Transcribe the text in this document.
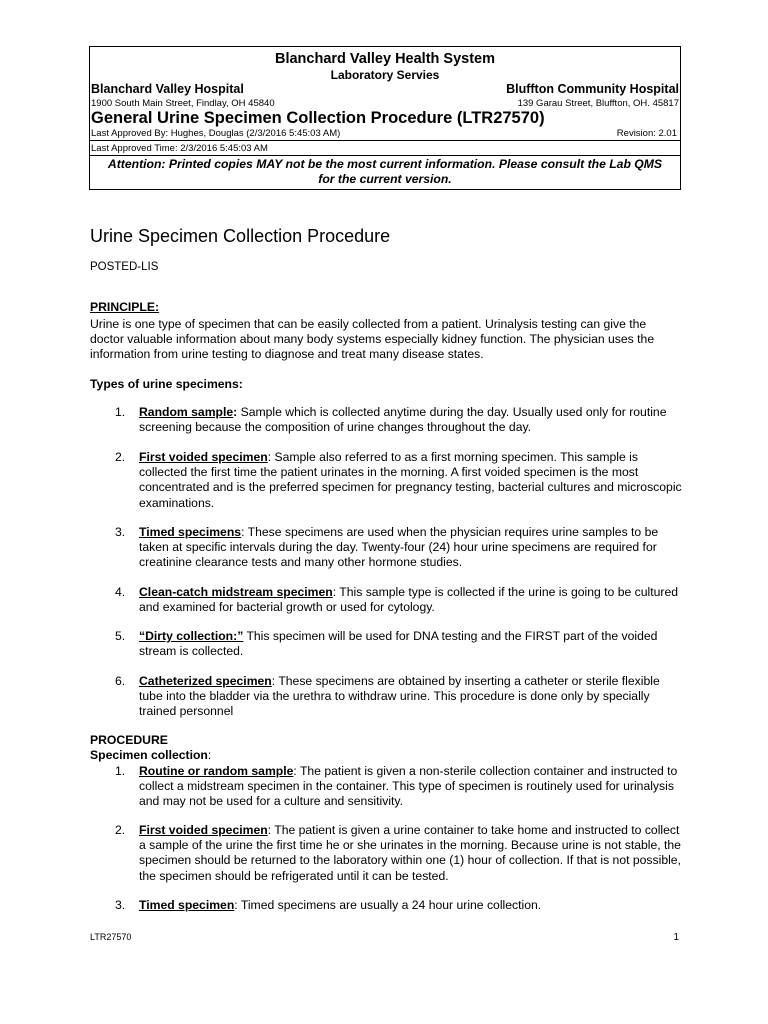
Blanchard Valley Health System
Laboratory Servies
Blanchard Valley Hospital	Bluffton Community Hospital
1900 South Main Street, Findlay, OH 45840	139 Garau Street, Bluffton, OH. 45817
General Urine Specimen Collection Procedure (LTR27570)
Last Approved By: Hughes, Douglas (2/3/2016 5:45:03 AM)	Revision: 2.01
Last Approved Time: 2/3/2016 5:45:03 AM
Attention: Printed copies MAY not be the most current information. Please consult the Lab QMS for the current version.
Urine Specimen Collection Procedure
POSTED-LIS
PRINCIPLE:
Urine is one type of specimen that can be easily collected from a patient. Urinalysis testing can give the doctor valuable information about many body systems especially kidney function. The physician uses the information from urine testing to diagnose and treat many disease states.
Types of urine specimens:
1. Random sample: Sample which is collected anytime during the day. Usually used only for routine screening because the composition of urine changes throughout the day.
2. First voided specimen: Sample also referred to as a first morning specimen. This sample is collected the first time the patient urinates in the morning. A first voided specimen is the most concentrated and is the preferred specimen for pregnancy testing, bacterial cultures and microscopic examinations.
3. Timed specimens: These specimens are used when the physician requires urine samples to be taken at specific intervals during the day. Twenty-four (24) hour urine specimens are required for creatinine clearance tests and many other hormone studies.
4. Clean-catch midstream specimen: This sample type is collected if the urine is going to be cultured and examined for bacterial growth or used for cytology.
5. “Dirty collection:” This specimen will be used for DNA testing and the FIRST part of the voided stream is collected.
6. Catheterized specimen: These specimens are obtained by inserting a catheter or sterile flexible tube into the bladder via the urethra to withdraw urine. This procedure is done only by specially trained personnel
PROCEDURE
Specimen collection:
1. Routine or random sample: The patient is given a non-sterile collection container and instructed to collect a midstream specimen in the container. This type of specimen is routinely used for urinalysis and may not be used for a culture and sensitivity.
2. First voided specimen: The patient is given a urine container to take home and instructed to collect a sample of the urine the first time he or she urinates in the morning. Because urine is not stable, the specimen should be returned to the laboratory within one (1) hour of collection. If that is not possible, the specimen should be refrigerated until it can be tested.
3. Timed specimen: Timed specimens are usually a 24 hour urine collection.
LTR27570	1
